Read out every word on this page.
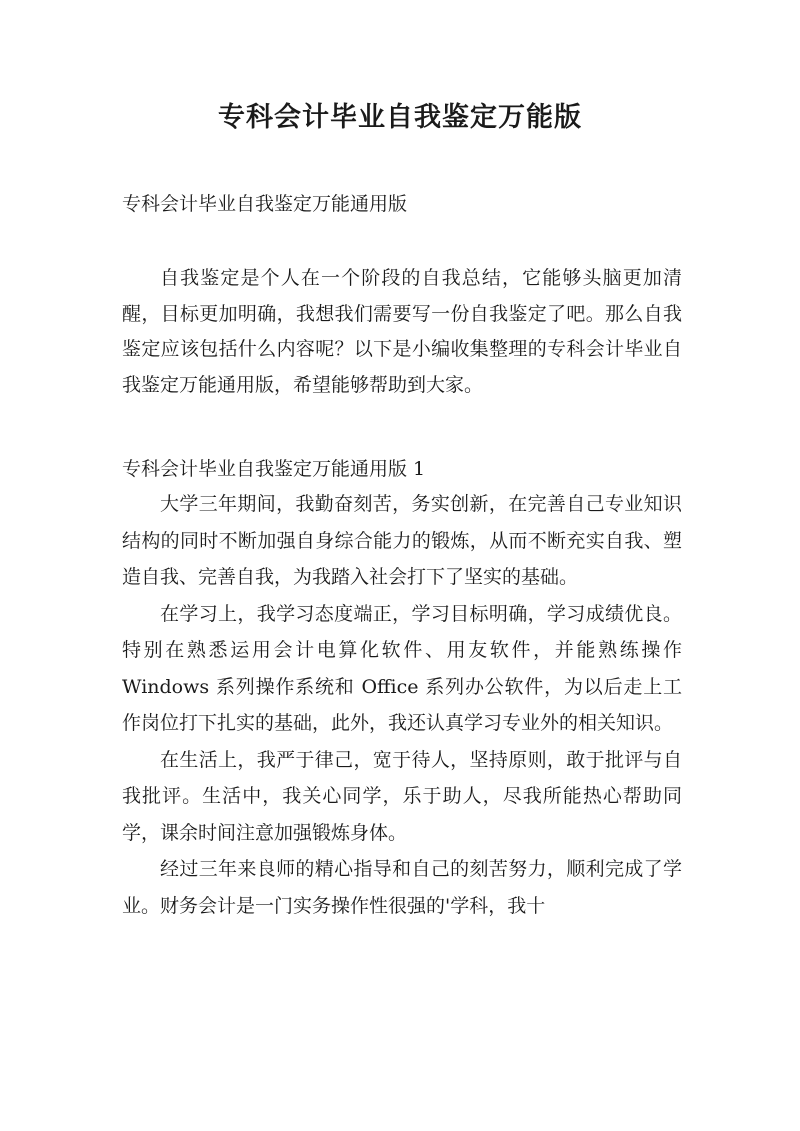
专科会计毕业自我鉴定万能版

专科会计毕业自我鉴定万能通用版

自我鉴定是个人在一个阶段的自我总结，它能够头脑更加清醒，目标更加明确，我想我们需要写一份自我鉴定了吧。那么自我鉴定应该包括什么内容呢？以下是小编收集整理的专科会计毕业自我鉴定万能通用版，希望能够帮助到大家。

专科会计毕业自我鉴定万能通用版 1

大学三年期间，我勤奋刻苦，务实创新，在完善自己专业知识结构的同时不断加强自身综合能力的锻炼，从而不断充实自我、塑造自我、完善自我，为我踏入社会打下了坚实的基础。

在学习上，我学习态度端正，学习目标明确，学习成绩优良。特别在熟悉运用会计电算化软件、用友软件，并能熟练操作 Windows 系列操作系统和 Office 系列办公软件，为以后走上工作岗位打下扎实的基础，此外，我还认真学习专业外的相关知识。

在生活上，我严于律己，宽于待人，坚持原则，敢于批评与自我批评。生活中，我关心同学，乐于助人，尽我所能热心帮助同学，课余时间注意加强锻炼身体。

经过三年来良师的精心指导和自己的刻苦努力，顺利完成了学业。财务会计是一门实务操作性很强的'学科，我十
